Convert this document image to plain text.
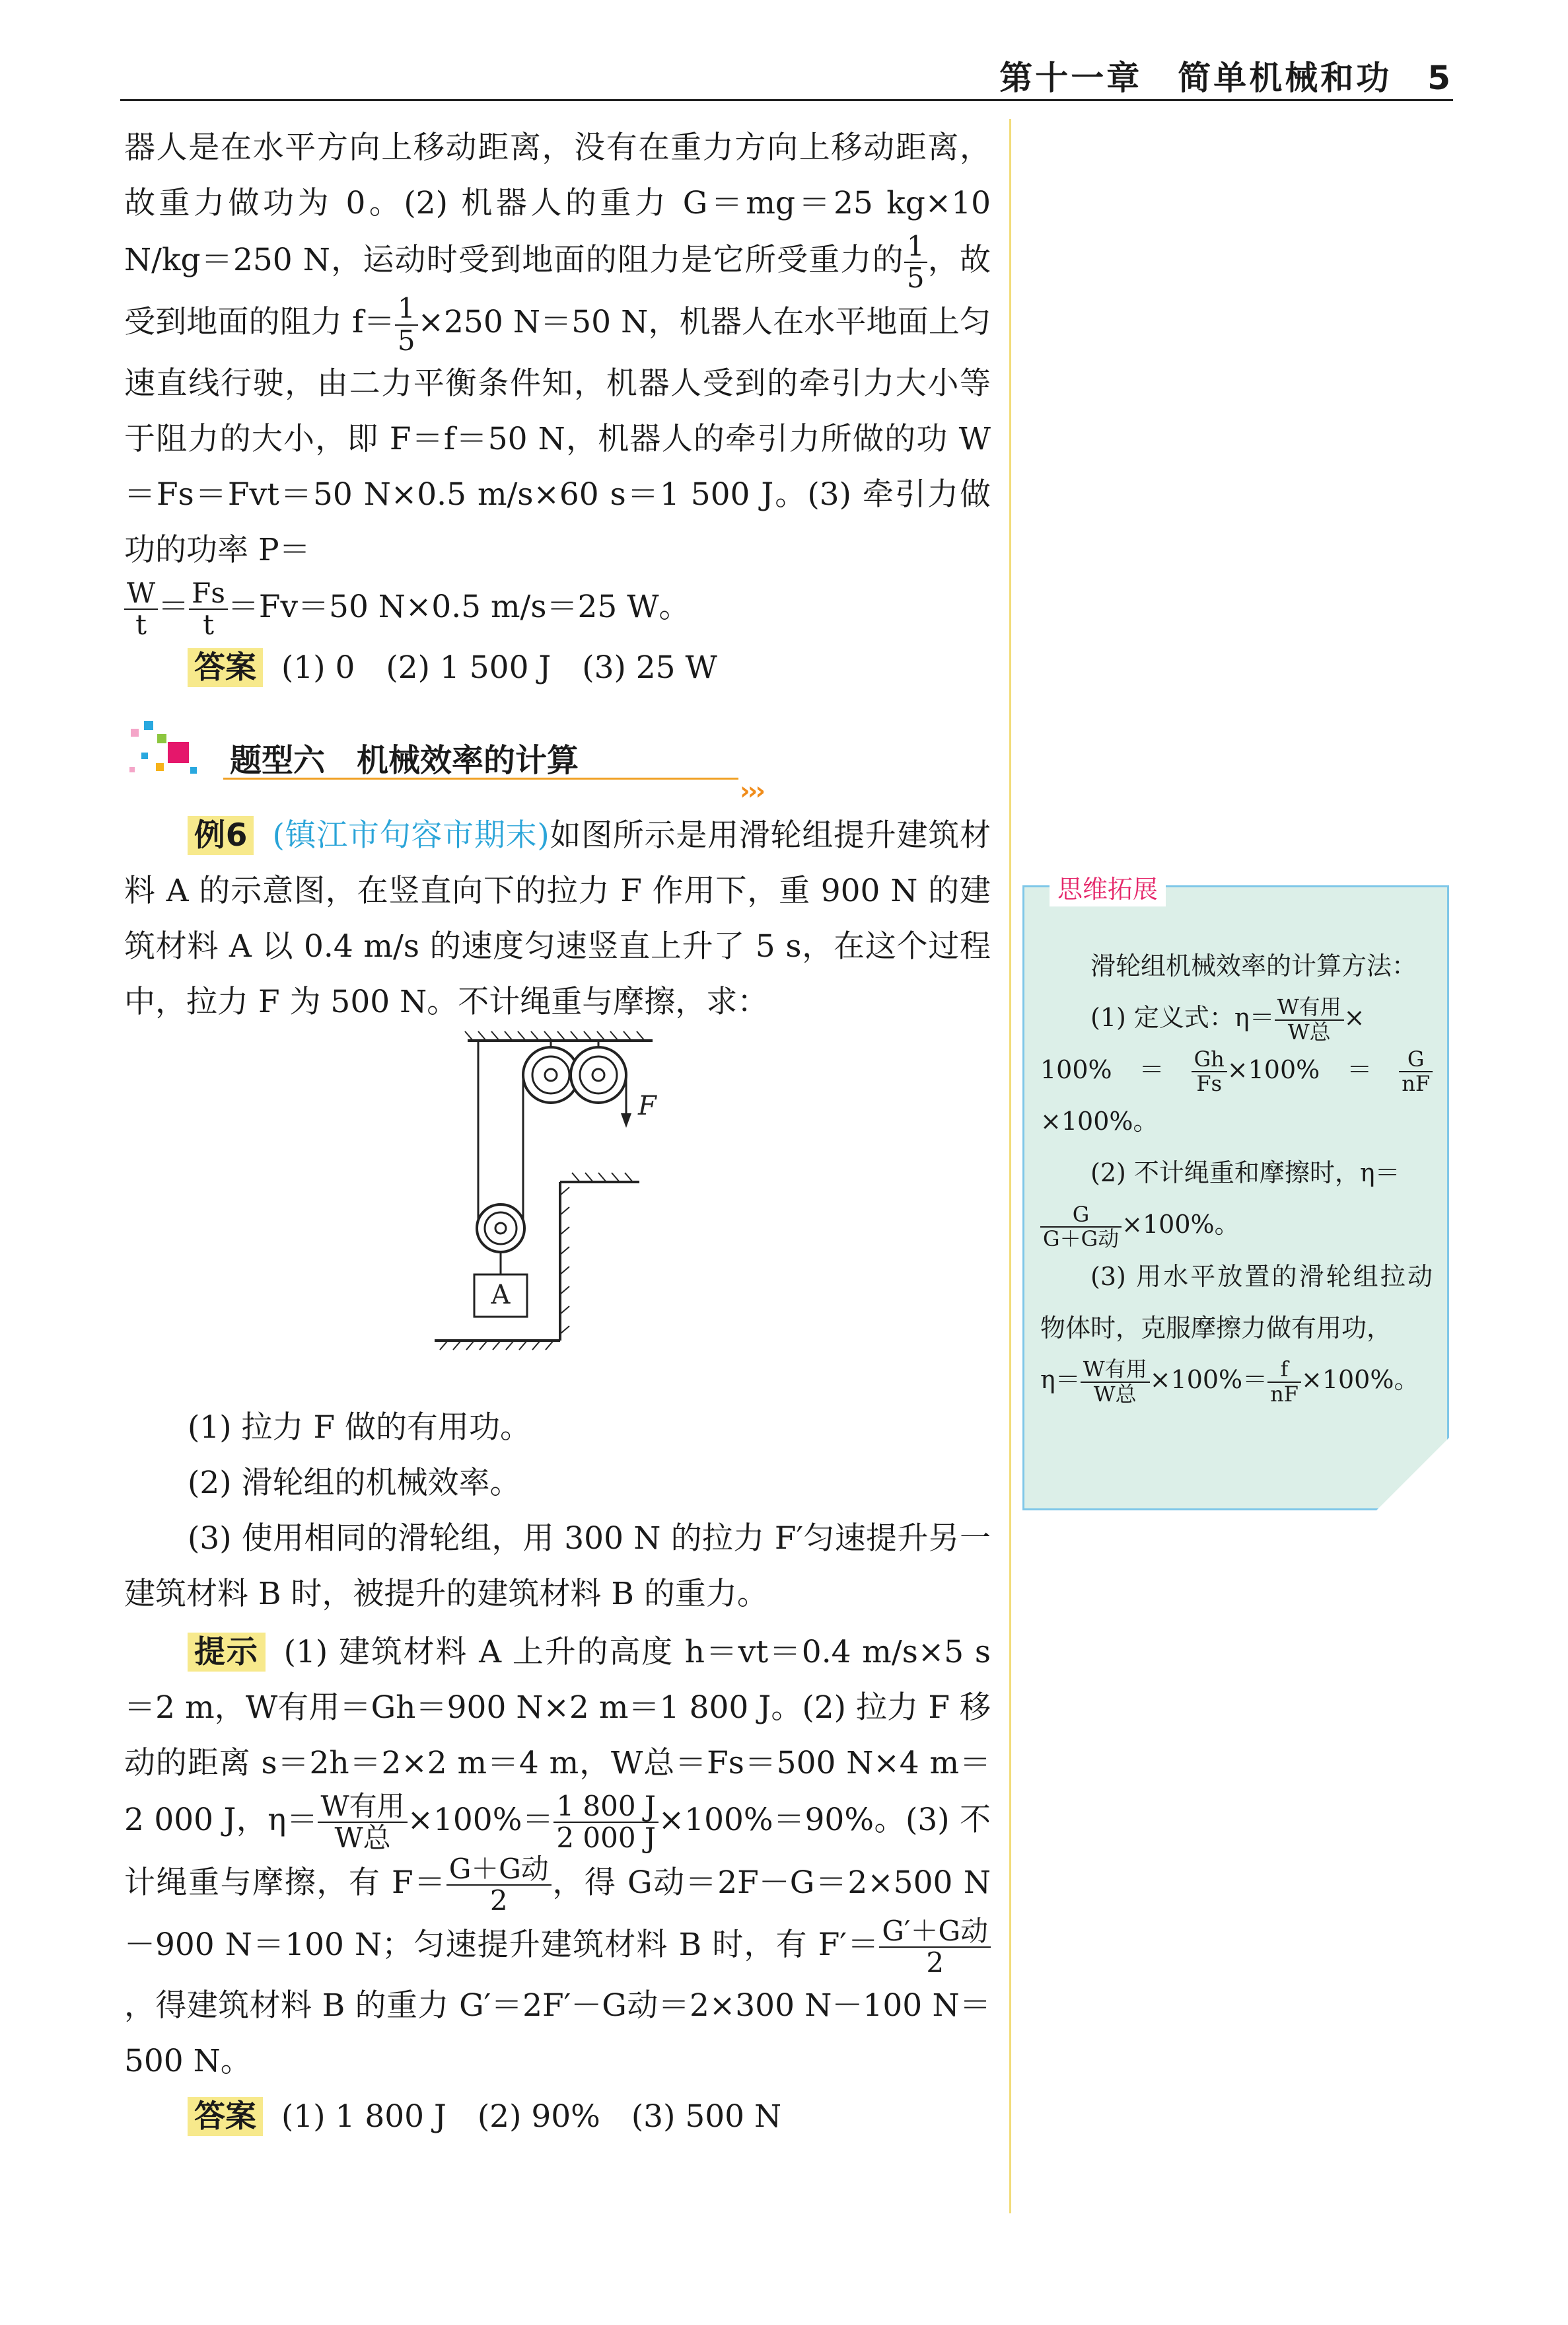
第十一章　简单机械和功　5

器人是在水平方向上移动距离，没有在重力方向上移动距离，故重力做功为 0。(2) 机器人的重力 G＝mg＝25 kg×10 N/kg＝250 N，运动时受到地面的阻力是它所受重力的 $\frac{1}{5}$ ，故受到地面的阻力 $f= \frac{1}{5} \times 250$ N＝50 N，机器人在水平地面上匀速直线行驶，由二力平衡条件知，机器人受到的牵引力大小等于阻力的大小，即 F＝f＝50 N，机器人的牵引力所做的功 W＝Fs＝Fvt＝50 N×0.5 m/s×60 s＝1 500 J。(3) 牵引力做功的功率 P＝

$\frac{W}{t} = \frac{Fs}{t} =Fv=50$ N×0.5 m/s＝25 W。

答案 (1) 0　(2) 1 500 J　(3) 25 W

题型六　机械效率的计算
›››

例6 (镇江市句容市期末)如图所示是用滑轮组提升建筑材料 A 的示意图，在竖直向下的拉力 F 作用下，重 900 N 的建筑材料 A 以 0.4 m/s 的速度匀速竖直上升了 5 s，在这个过程中，拉力 F 为 500 N。不计绳重与摩擦，求：

F
A

(1) 拉力 F 做的有用功。

(2) 滑轮组的机械效率。

(3) 使用相同的滑轮组，用 300 N 的拉力 F′匀速提升另一建筑材料 B 时，被提升的建筑材料 B 的重力。

提示 (1) 建筑材料 A 上升的高度 h＝vt＝0.4 m/s×5 s＝2 m，W有用＝Gh＝900 N×2 m＝1 800 J。(2) 拉力 F 移动的距离 s＝2h＝2×2 m＝4 m，W总＝Fs＝500 N×4 m＝2 000 J，$\eta= \frac{\text{W有用}}{\text{W总}} \times 100\%= \frac{1 800 J}{2 000 J} \times 100\%=90\%$。(3) 不计绳重与摩擦，有 $F= \frac{\text{G＋G动}}{2}$ ，得 G动＝2F－G＝2×500 N－900 N＝100 N；匀速提升建筑材料 B 时，有 $F'= \frac{\text{G′＋G动}}{2}$
，得建筑材料 B 的重力 G′＝2F′－G动＝2×300 N－100 N＝500 N。

答案 (1) 1 800 J　(2) 90%　(3) 500 N

思维拓展

滑轮组机械效率的计算方法：

(1) 定义式：$\eta= \frac{\text{W有用}}{\text{W总}}$ ×
$100\%= \frac{Gh}{Fs} \times 100\%= \frac{G}{nF}$
×100%。

(2) 不计绳重和摩擦时，η＝

$\frac{G}{\text{G＋G动}} \times 100\%$。

(3) 用水平放置的滑轮组拉动物体时，克服摩擦力做有用功，
$\eta= \frac{\text{W有用}}{\text{W总}} \times 100\%= \frac{f}{nF} \times 100\%$。
